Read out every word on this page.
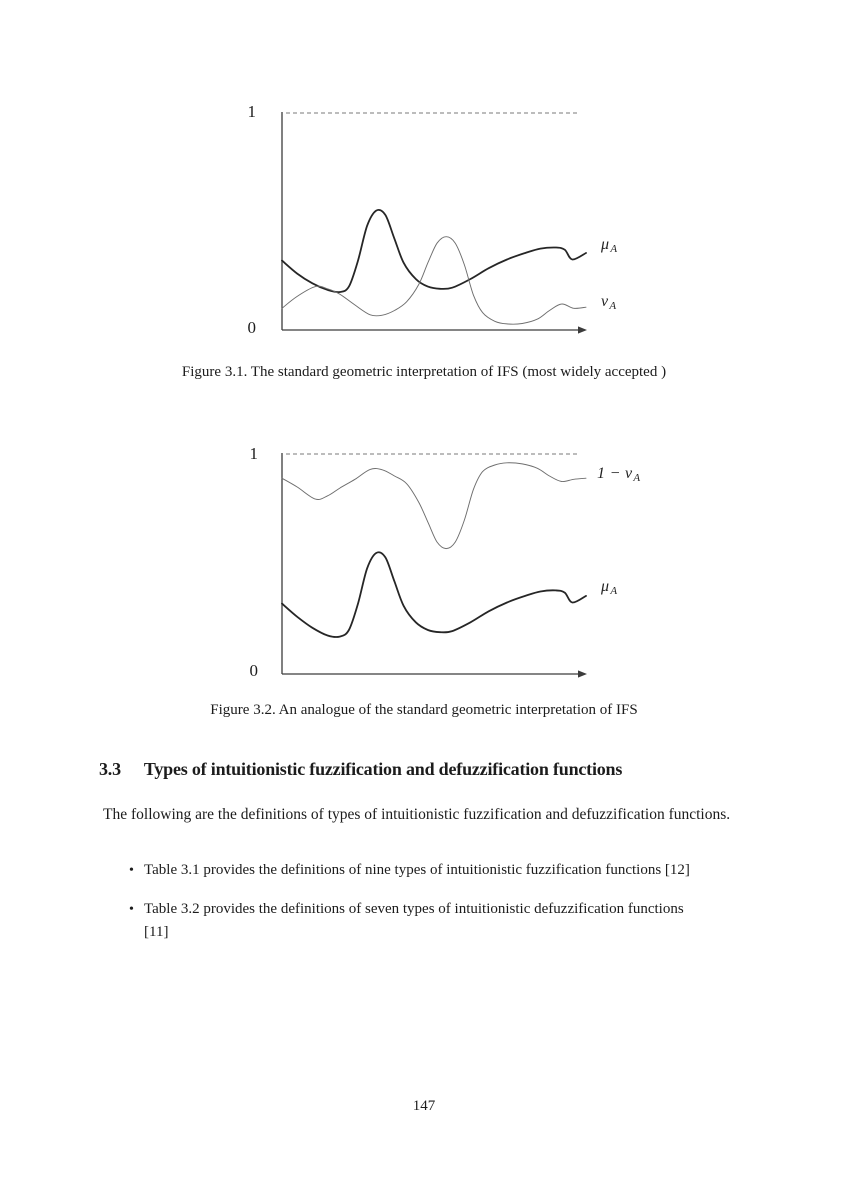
1
0
μA
νA
Figure 3.1. The standard geometric interpretation of IFS (most widely accepted )
1
0
1 − νA
μA
Figure 3.2. An analogue of the standard geometric interpretation of IFS
3.3 Types of intuitionistic fuzzification and defuzzification functions

The following are the definitions of types of intuitionistic fuzzification and defuzzification functions.

• Table 3.1 provides the definitions of nine types of intuitionistic fuzzification functions [12]
• Table 3.2 provides the definitions of seven types of intuitionistic defuzzification functions
[11]
147
